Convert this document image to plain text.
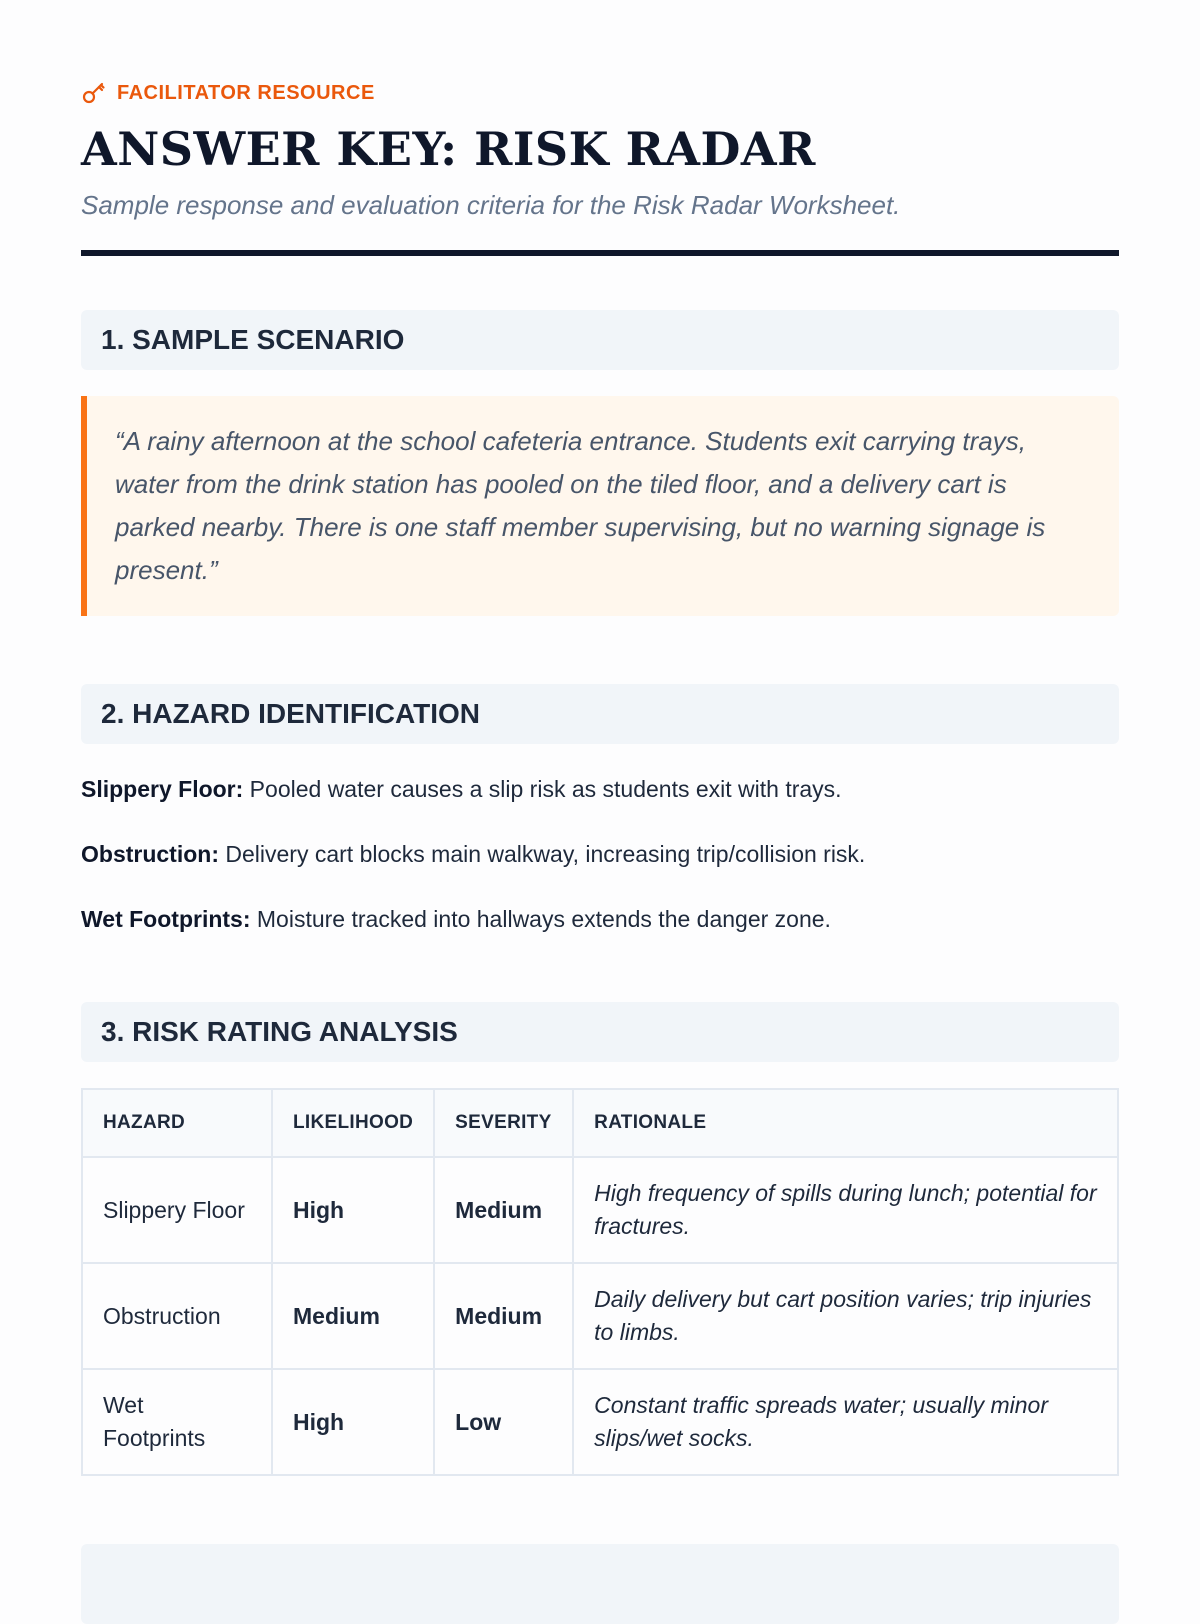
FACILITATOR RESOURCE
ANSWER KEY: RISK RADAR
Sample response and evaluation criteria for the Risk Radar Worksheet.
1. SAMPLE SCENARIO
“A rainy afternoon at the school cafeteria entrance. Students exit carrying trays, water from the drink station has pooled on the tiled floor, and a delivery cart is parked nearby. There is one staff member supervising, but no warning signage is present.”
2. HAZARD IDENTIFICATION
Slippery Floor: Pooled water causes a slip risk as students exit with trays.
Obstruction: Delivery cart blocks main walkway, increasing trip/collision risk.
Wet Footprints: Moisture tracked into hallways extends the danger zone.
3. RISK RATING ANALYSIS
HAZARD	LIKELIHOOD	SEVERITY	RATIONALE
Slippery Floor	High	Medium	High frequency of spills during lunch; potential for fractures.
Obstruction	Medium	Medium	Daily delivery but cart position varies; trip injuries to limbs.
Wet Footprints	High	Low	Constant traffic spreads water; usually minor slips/wet socks.
